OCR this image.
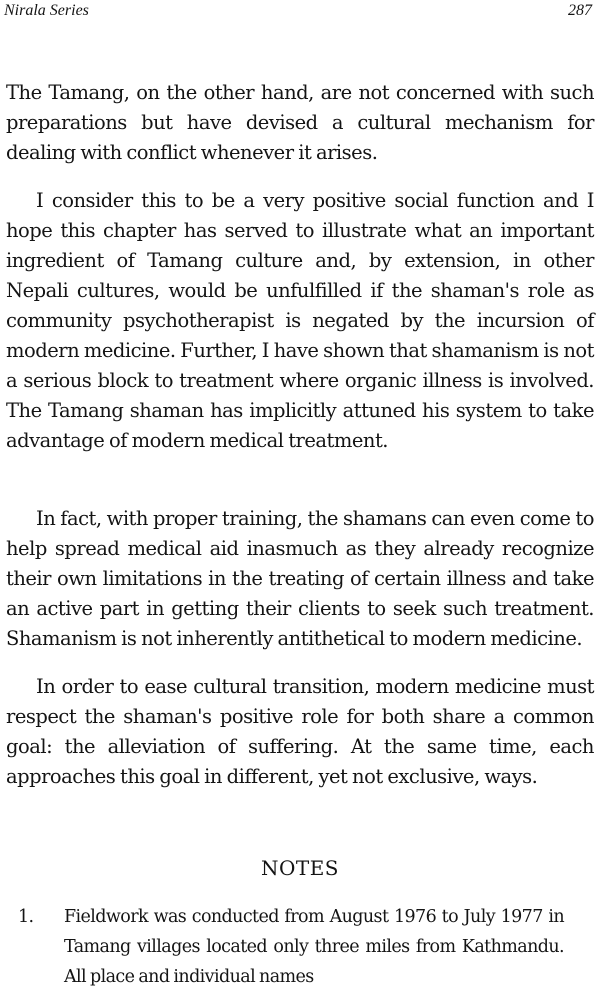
Nirala Series	287

The Tamang, on the other hand, are not concerned with such preparations but have devised a cultural mechanism for dealing with conflict whenever it arises.

I consider this to be a very positive social function and I hope this chapter has served to illustrate what an important ingredient of Tamang culture and, by extension, in other Nepali cultures, would be unfulfilled if the shaman's role as community psychotherapist is negated by the incursion of modern medicine. Further, I have shown that shamanism is not a serious block to treatment where organic illness is involved. The Tamang shaman has implicitly attuned his system to take advantage of modern medical treatment.

In fact, with proper training, the shamans can even come to help spread medical aid inasmuch as they already recognize their own limitations in the treating of certain illness and take an active part in getting their clients to seek such treatment. Shamanism is not inherently antithetical to modern medicine.

In order to ease cultural transition, modern medicine must respect the shaman's positive role for both share a common goal: the alleviation of suffering. At the same time, each approaches this goal in different, yet not exclusive, ways.

NOTES
1. Fieldwork was conducted from August 1976 to July 1977 in Tamang villages located only three miles from Kathmandu. All place and individual names
